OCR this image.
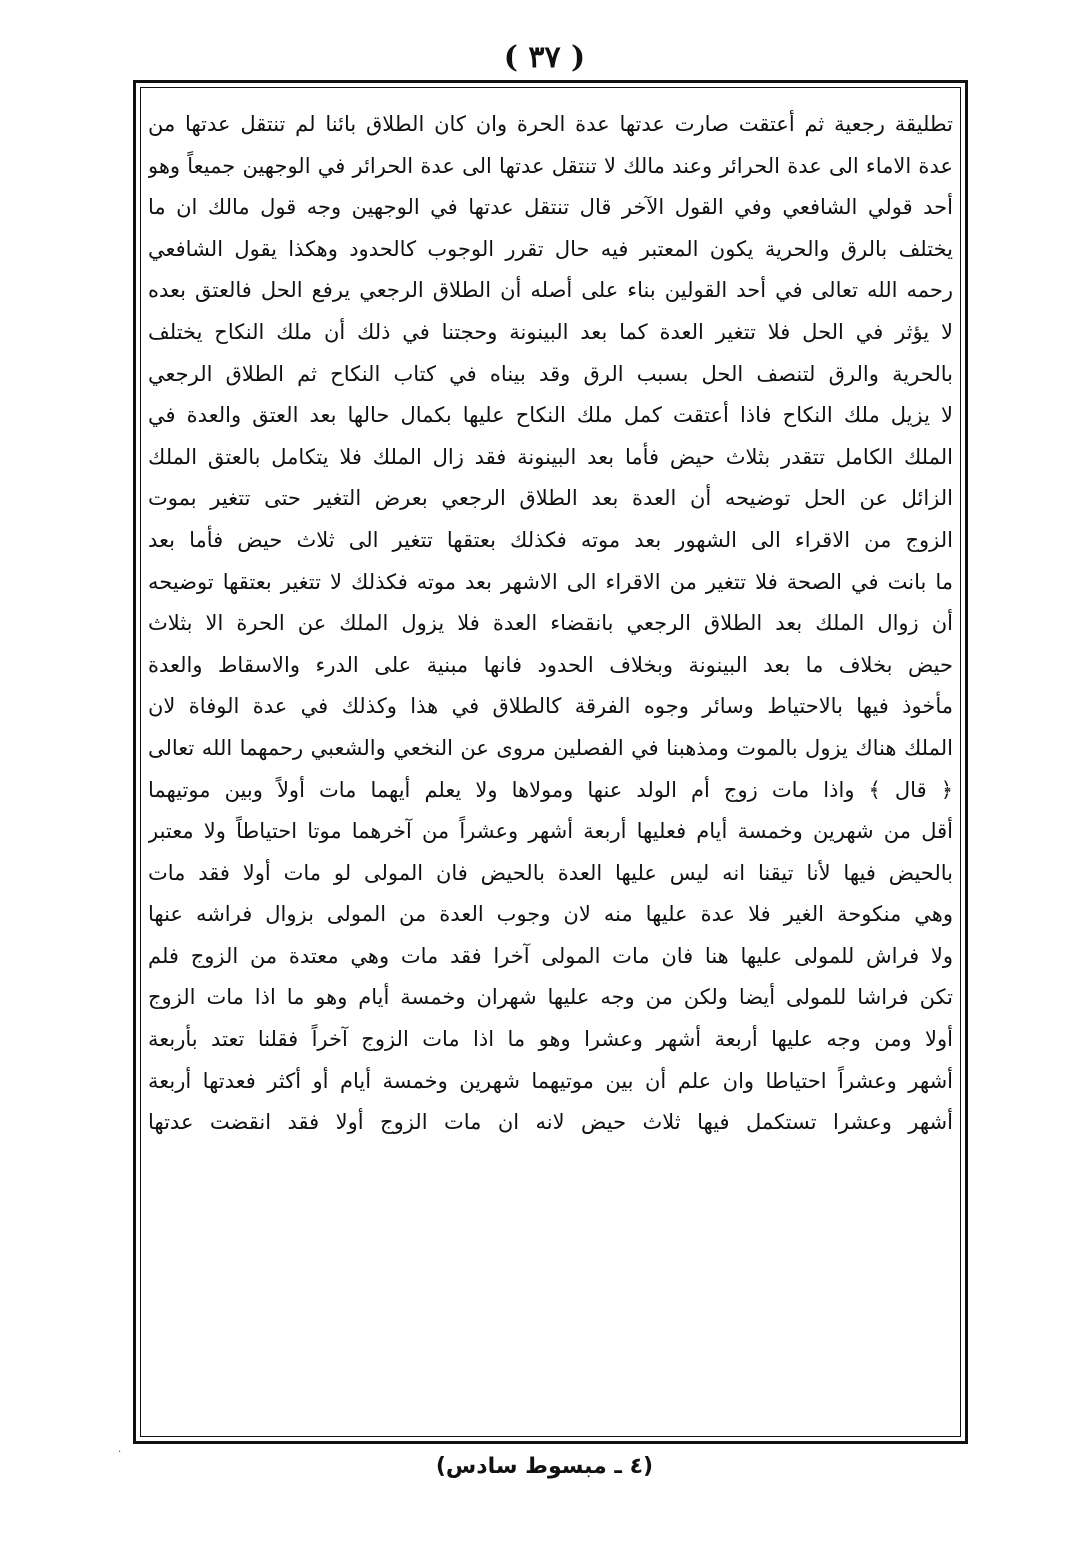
( ٣٧ )
تطليقة رجعية ثم أعتقت صارت عدتها عدة الحرة وان كان الطلاق بائنا لم تنتقل عدتها من
عدة الاماء الى عدة الحرائر وعند مالك لا تنتقل عدتها الى عدة الحرائر في الوجهين جميعاً وهو
أحد قولي الشافعي وفي القول الآخر قال تنتقل عدتها في الوجهين وجه قول مالك ان ما
يختلف بالرق والحرية يكون المعتبر فيه حال تقرر الوجوب كالحدود وهكذا يقول الشافعي
رحمه الله تعالى في أحد القولين بناء على أصله أن الطلاق الرجعي يرفع الحل فالعتق بعده
لا يؤثر في الحل فلا تتغير العدة كما بعد البينونة وحجتنا في ذلك أن ملك النكاح يختلف
بالحرية والرق لتنصف الحل بسبب الرق وقد بيناه في كتاب النكاح ثم الطلاق الرجعي
لا يزيل ملك النكاح فاذا أعتقت كمل ملك النكاح عليها بكمال حالها بعد العتق والعدة في
الملك الكامل تتقدر بثلاث حيض فأما بعد البينونة فقد زال الملك فلا يتكامل بالعتق الملك
الزائل عن الحل توضيحه أن العدة بعد الطلاق الرجعي بعرض التغير حتى تتغير بموت
الزوج من الاقراء الى الشهور بعد موته فكذلك بعتقها تتغير الى ثلاث حيض فأما بعد
ما بانت في الصحة فلا تتغير من الاقراء الى الاشهر بعد موته فكذلك لا تتغير بعتقها توضيحه
أن زوال الملك بعد الطلاق الرجعي بانقضاء العدة فلا يزول الملك عن الحرة الا بثلاث
حيض بخلاف ما بعد البينونة وبخلاف الحدود فانها مبنية على الدرء والاسقاط والعدة
مأخوذ فيها بالاحتياط وسائر وجوه الفرقة كالطلاق في هذا وكذلك في عدة الوفاة لان
الملك هناك يزول بالموت ومذهبنا في الفصلين مروى عن النخعي والشعبي رحمهما الله تعالى
﴿ قال ﴾ واذا مات زوج أم الولد عنها ومولاها ولا يعلم أيهما مات أولاً وبين موتيهما
أقل من شهرين وخمسة أيام فعليها أربعة أشهر وعشراً من آخرهما موتا احتياطاً ولا معتبر
بالحيض فيها لأنا تيقنا انه ليس عليها العدة بالحيض فان المولى لو مات أولا فقد مات
وهي منكوحة الغير فلا عدة عليها منه لان وجوب العدة من المولى بزوال فراشه عنها
ولا فراش للمولى عليها هنا فان مات المولى آخرا فقد مات وهي معتدة من الزوج فلم
تكن فراشا للمولى أيضا ولكن من وجه عليها شهران وخمسة أيام وهو ما اذا مات الزوج
أولا ومن وجه عليها أربعة أشهر وعشرا وهو ما اذا مات الزوج آخراً فقلنا تعتد بأربعة
أشهر وعشراً احتياطا وان علم أن بين موتيهما شهرين وخمسة أيام أو أكثر فعدتها أربعة
أشهر وعشرا تستكمل فيها ثلاث حيض لانه ان مات الزوج أولا فقد انقضت عدتها
·
(٤ ـ مبسوط سادس)
